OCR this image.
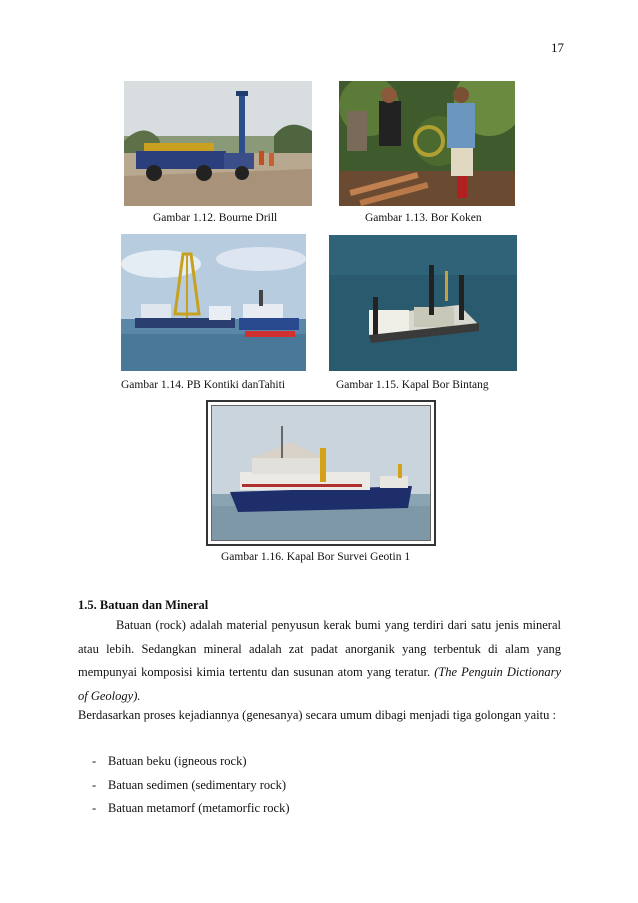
17
Gambar 1.12. Bourne Drill	Gambar 1.13. Bor Koken
Gambar 1.14. PB Kontiki danTahiti	Gambar 1.15. Kapal Bor Bintang
Gambar 1.16. Kapal Bor Survei Geotin 1
1.5. Batuan dan Mineral
Batuan (rock) adalah material penyusun kerak bumi yang terdiri dari satu jenis mineral atau lebih. Sedangkan mineral adalah zat padat anorganik yang terbentuk di alam yang mempunyai komposisi kimia tertentu dan susunan atom yang teratur. (The Penguin Dictionary of Geology).
Berdasarkan proses kejadiannya (genesanya) secara umum dibagi menjadi tiga golongan yaitu :
- Batuan beku (igneous rock)
- Batuan sedimen (sedimentary rock)
- Batuan metamorf (metamorfic rock)
